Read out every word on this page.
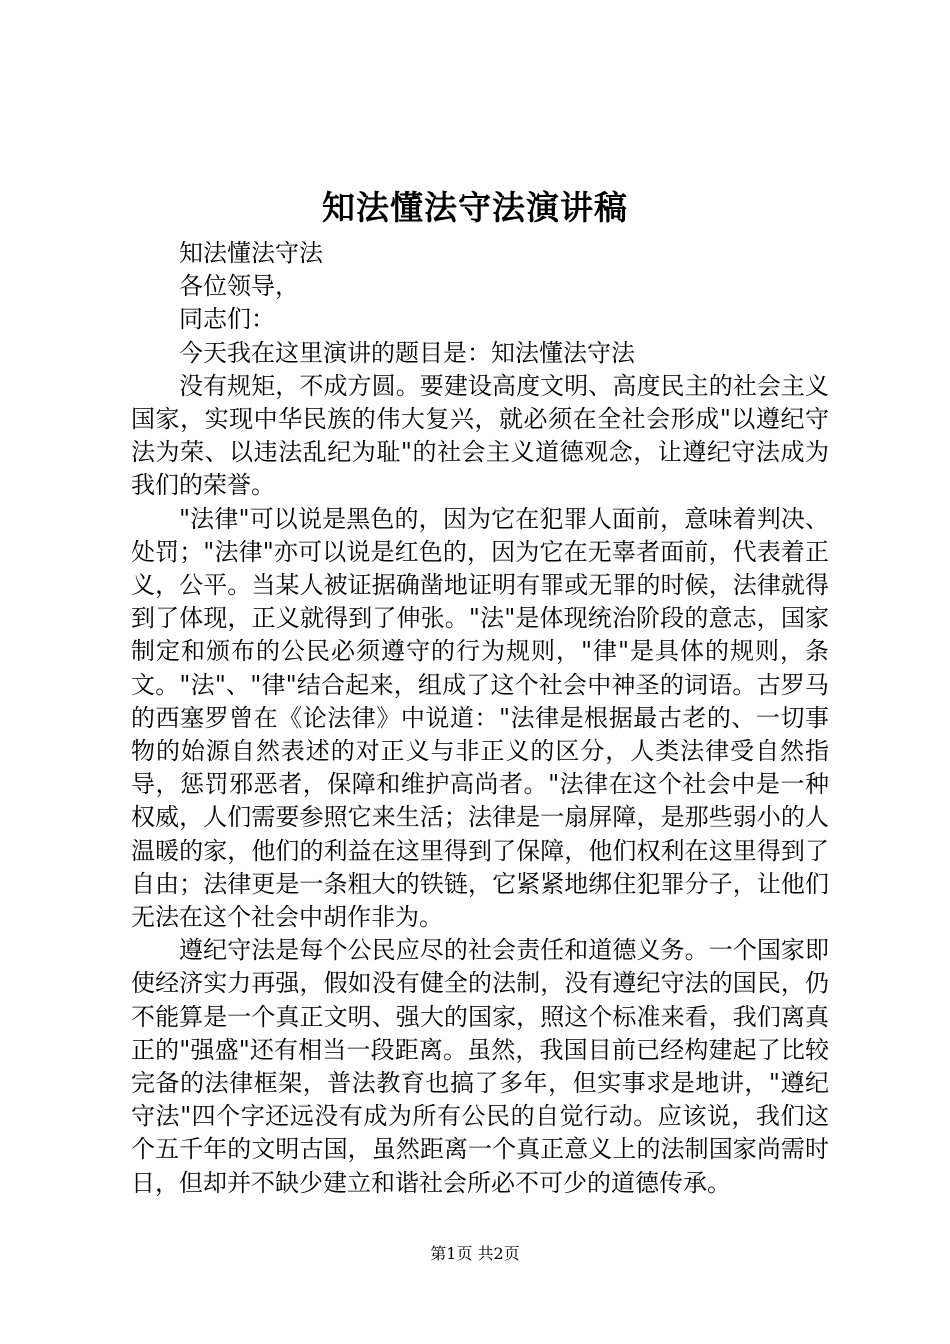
知法懂法守法演讲稿

知法懂法守法

各位领导，

同志们：

今天我在这里演讲的题目是：知法懂法守法

没有规矩，不成方圆。要建设高度文明、高度民主的社会主义国家，实现中华民族的伟大复兴，就必须在全社会形成"以遵纪守法为荣、以违法乱纪为耻"的社会主义道德观念，让遵纪守法成为我们的荣誉。

"法律"可以说是黑色的，因为它在犯罪人面前，意味着判决、处罚；"法律"亦可以说是红色的，因为它在无辜者面前，代表着正义，公平。当某人被证据确凿地证明有罪或无罪的时候，法律就得到了体现，正义就得到了伸张。"法"是体现统治阶段的意志，国家制定和颁布的公民必须遵守的行为规则，"律"是具体的规则，条文。"法"、"律"结合起来，组成了这个社会中神圣的词语。古罗马的西塞罗曾在《论法律》中说道："法律是根据最古老的、一切事物的始源自然表述的对正义与非正义的区分，人类法律受自然指导，惩罚邪恶者，保障和维护高尚者。"法律在这个社会中是一种权威，人们需要参照它来生活；法律是一扇屏障，是那些弱小的人温暖的家，他们的利益在这里得到了保障，他们权利在这里得到了自由；法律更是一条粗大的铁链，它紧紧地绑住犯罪分子，让他们无法在这个社会中胡作非为。

遵纪守法是每个公民应尽的社会责任和道德义务。一个国家即使经济实力再强，假如没有健全的法制，没有遵纪守法的国民，仍不能算是一个真正文明、强大的国家，照这个标准来看，我们离真正的"强盛"还有相当一段距离。虽然，我国目前已经构建起了比较完备的法律框架，普法教育也搞了多年，但实事求是地讲，"遵纪守法"四个字还远没有成为所有公民的自觉行动。应该说，我们这个五千年的文明古国，虽然距离一个真正意义上的法制国家尚需时日，但却并不缺少建立和谐社会所必不可少的道德传承。

第1页 共2页
